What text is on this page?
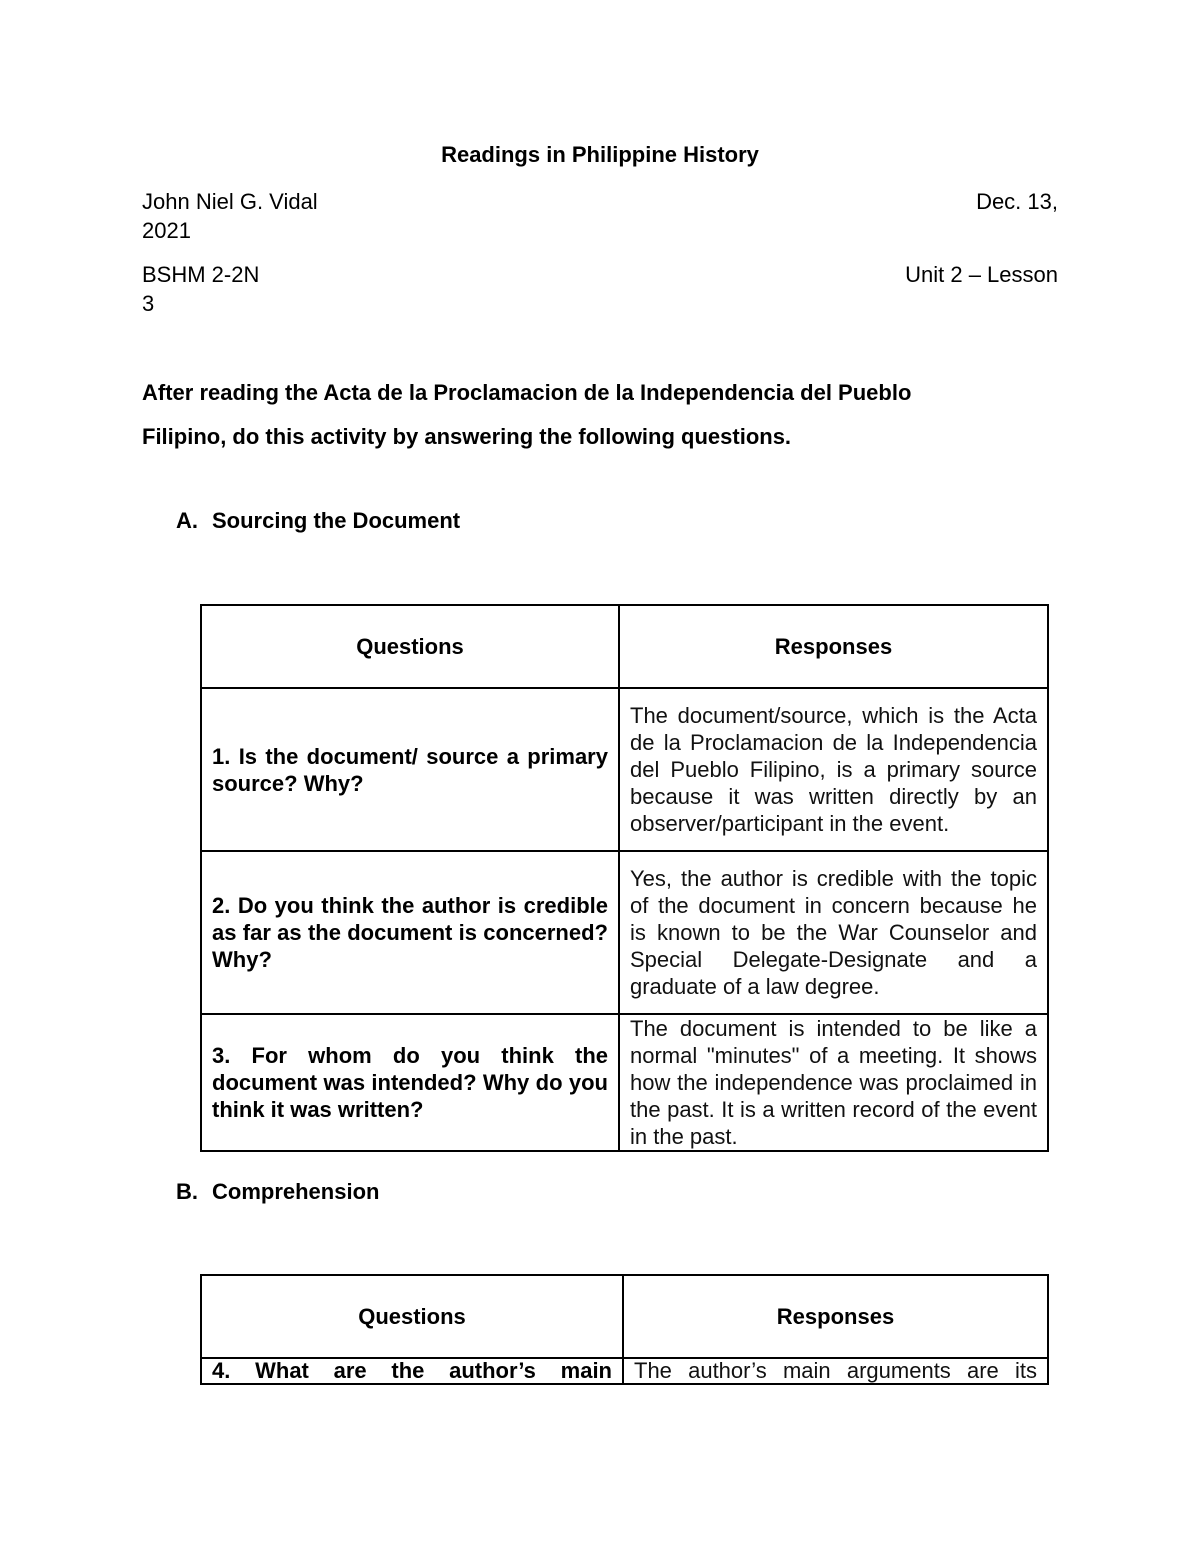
Readings in Philippine History
John Niel G. Vidal	Dec. 13,
2021
BSHM 2-2N	Unit 2 – Lesson
3
After reading the Acta de la Proclamacion de la Independencia del Pueblo
Filipino, do this activity by answering the following questions.
A. Sourcing the Document
Questions	Responses
1. Is the document/ source a primary source? Why?	The document/source, which is the Acta de la Proclamacion de la Independencia del Pueblo Filipino, is a primary source because it was written directly by an observer/participant in the event.
2. Do you think the author is credible as far as the document is concerned? Why?	Yes, the author is credible with the topic of the document in concern because he is known to be the War Counselor and Special Delegate-Designate and a graduate of a law degree.
3. For whom do you think the document was intended? Why do you think it was written?	The document is intended to be like a normal "minutes" of a meeting. It shows how the independence was proclaimed in the past. It is a written record of the event in the past.
B. Comprehension
Questions	Responses
4. What are the author’s main	The author’s main arguments are its
